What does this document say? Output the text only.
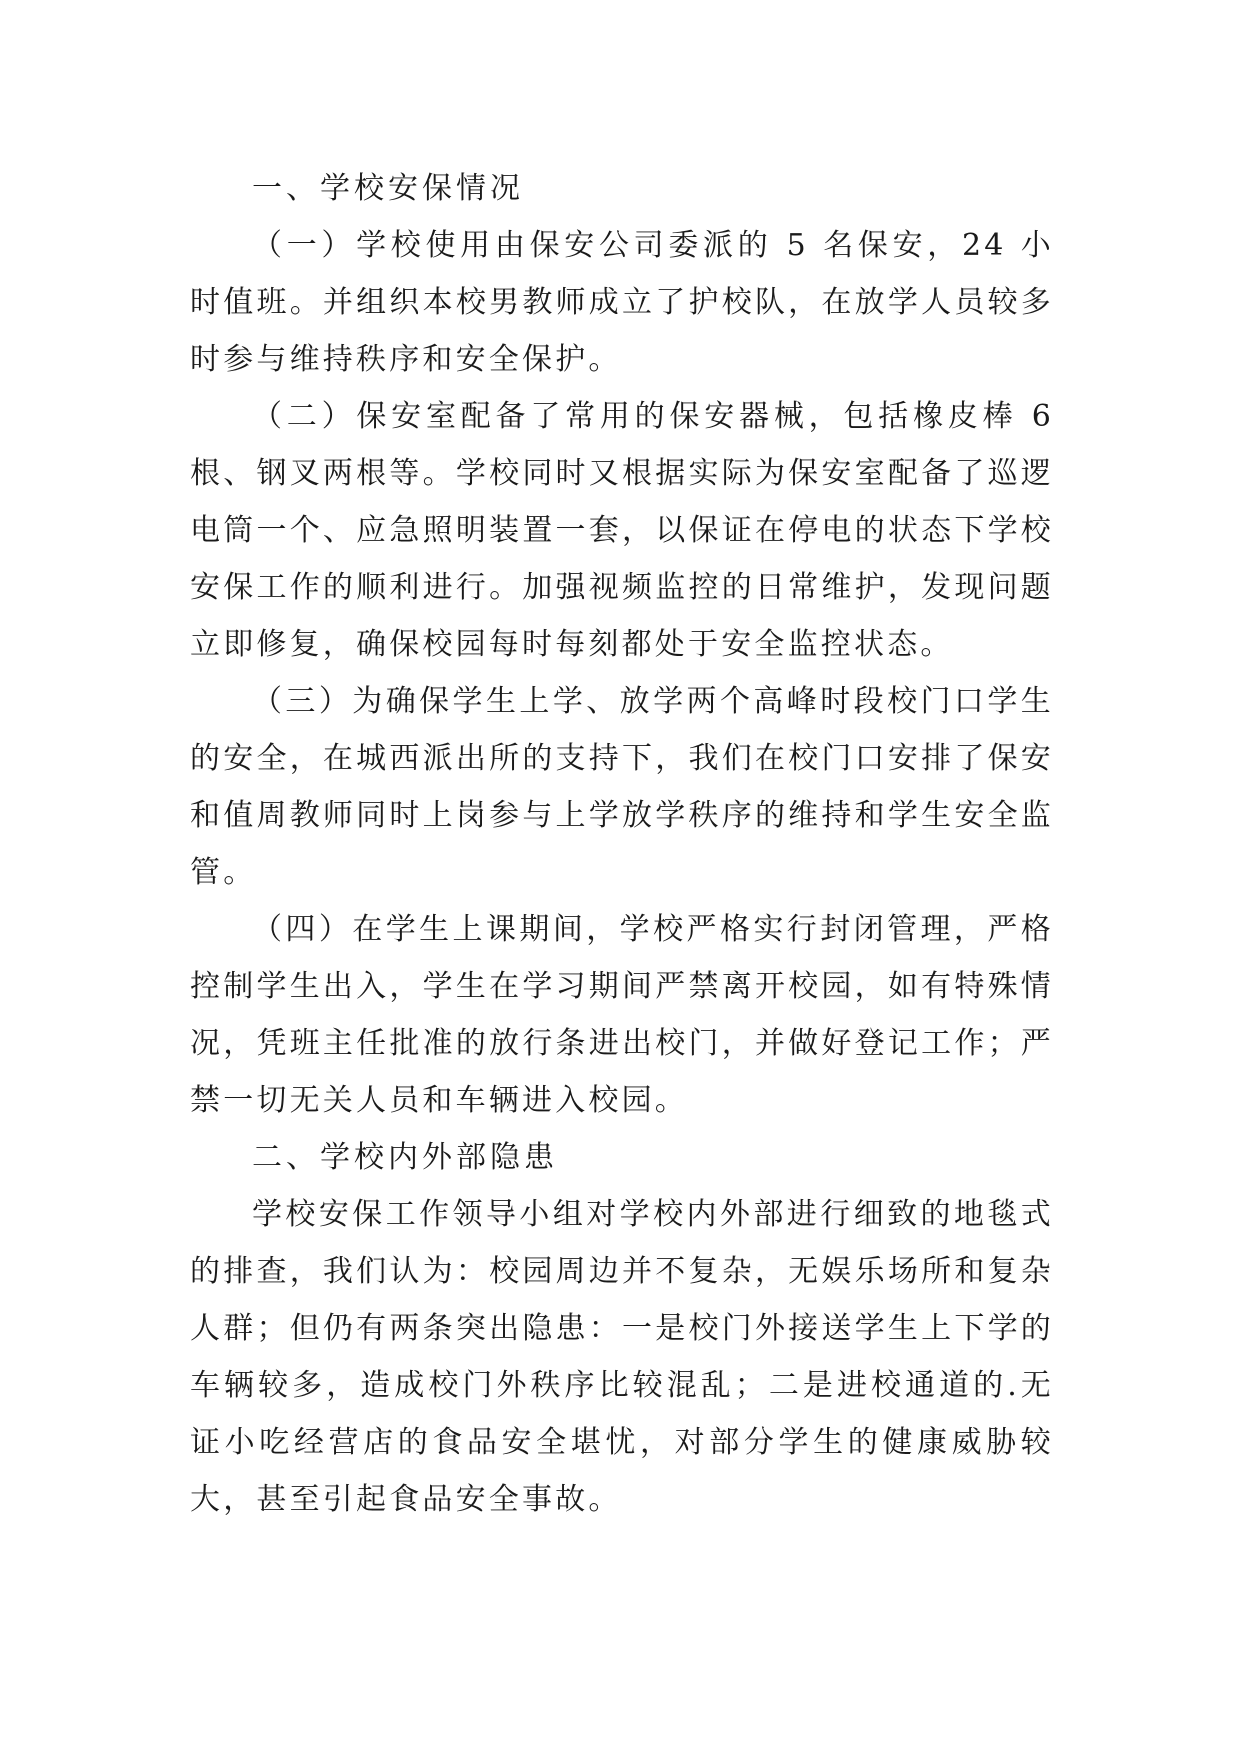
一、学校安保情况

（一）学校使用由保安公司委派的 5 名保安，24 小时值班。并组织本校男教师成立了护校队，在放学人员较多时参与维持秩序和安全保护。

（二）保安室配备了常用的保安器械，包括橡皮棒 6 根、钢叉两根等。学校同时又根据实际为保安室配备了巡逻电筒一个、应急照明装置一套，以保证在停电的状态下学校安保工作的顺利进行。加强视频监控的日常维护，发现问题立即修复，确保校园每时每刻都处于安全监控状态。

（三）为确保学生上学、放学两个高峰时段校门口学生的安全，在城西派出所的支持下，我们在校门口安排了保安和值周教师同时上岗参与上学放学秩序的维持和学生安全监管。

（四）在学生上课期间，学校严格实行封闭管理，严格控制学生出入，学生在学习期间严禁离开校园，如有特殊情况，凭班主任批准的放行条进出校门，并做好登记工作；严禁一切无关人员和车辆进入校园。

二、学校内外部隐患

学校安保工作领导小组对学校内外部进行细致的地毯式的排查，我们认为：校园周边并不复杂，无娱乐场所和复杂人群；但仍有两条突出隐患：一是校门外接送学生上下学的车辆较多，造成校门外秩序比较混乱；二是进校通道的.无证小吃经营店的食品安全堪忧，对部分学生的健康威胁较大，甚至引起食品安全事故。
